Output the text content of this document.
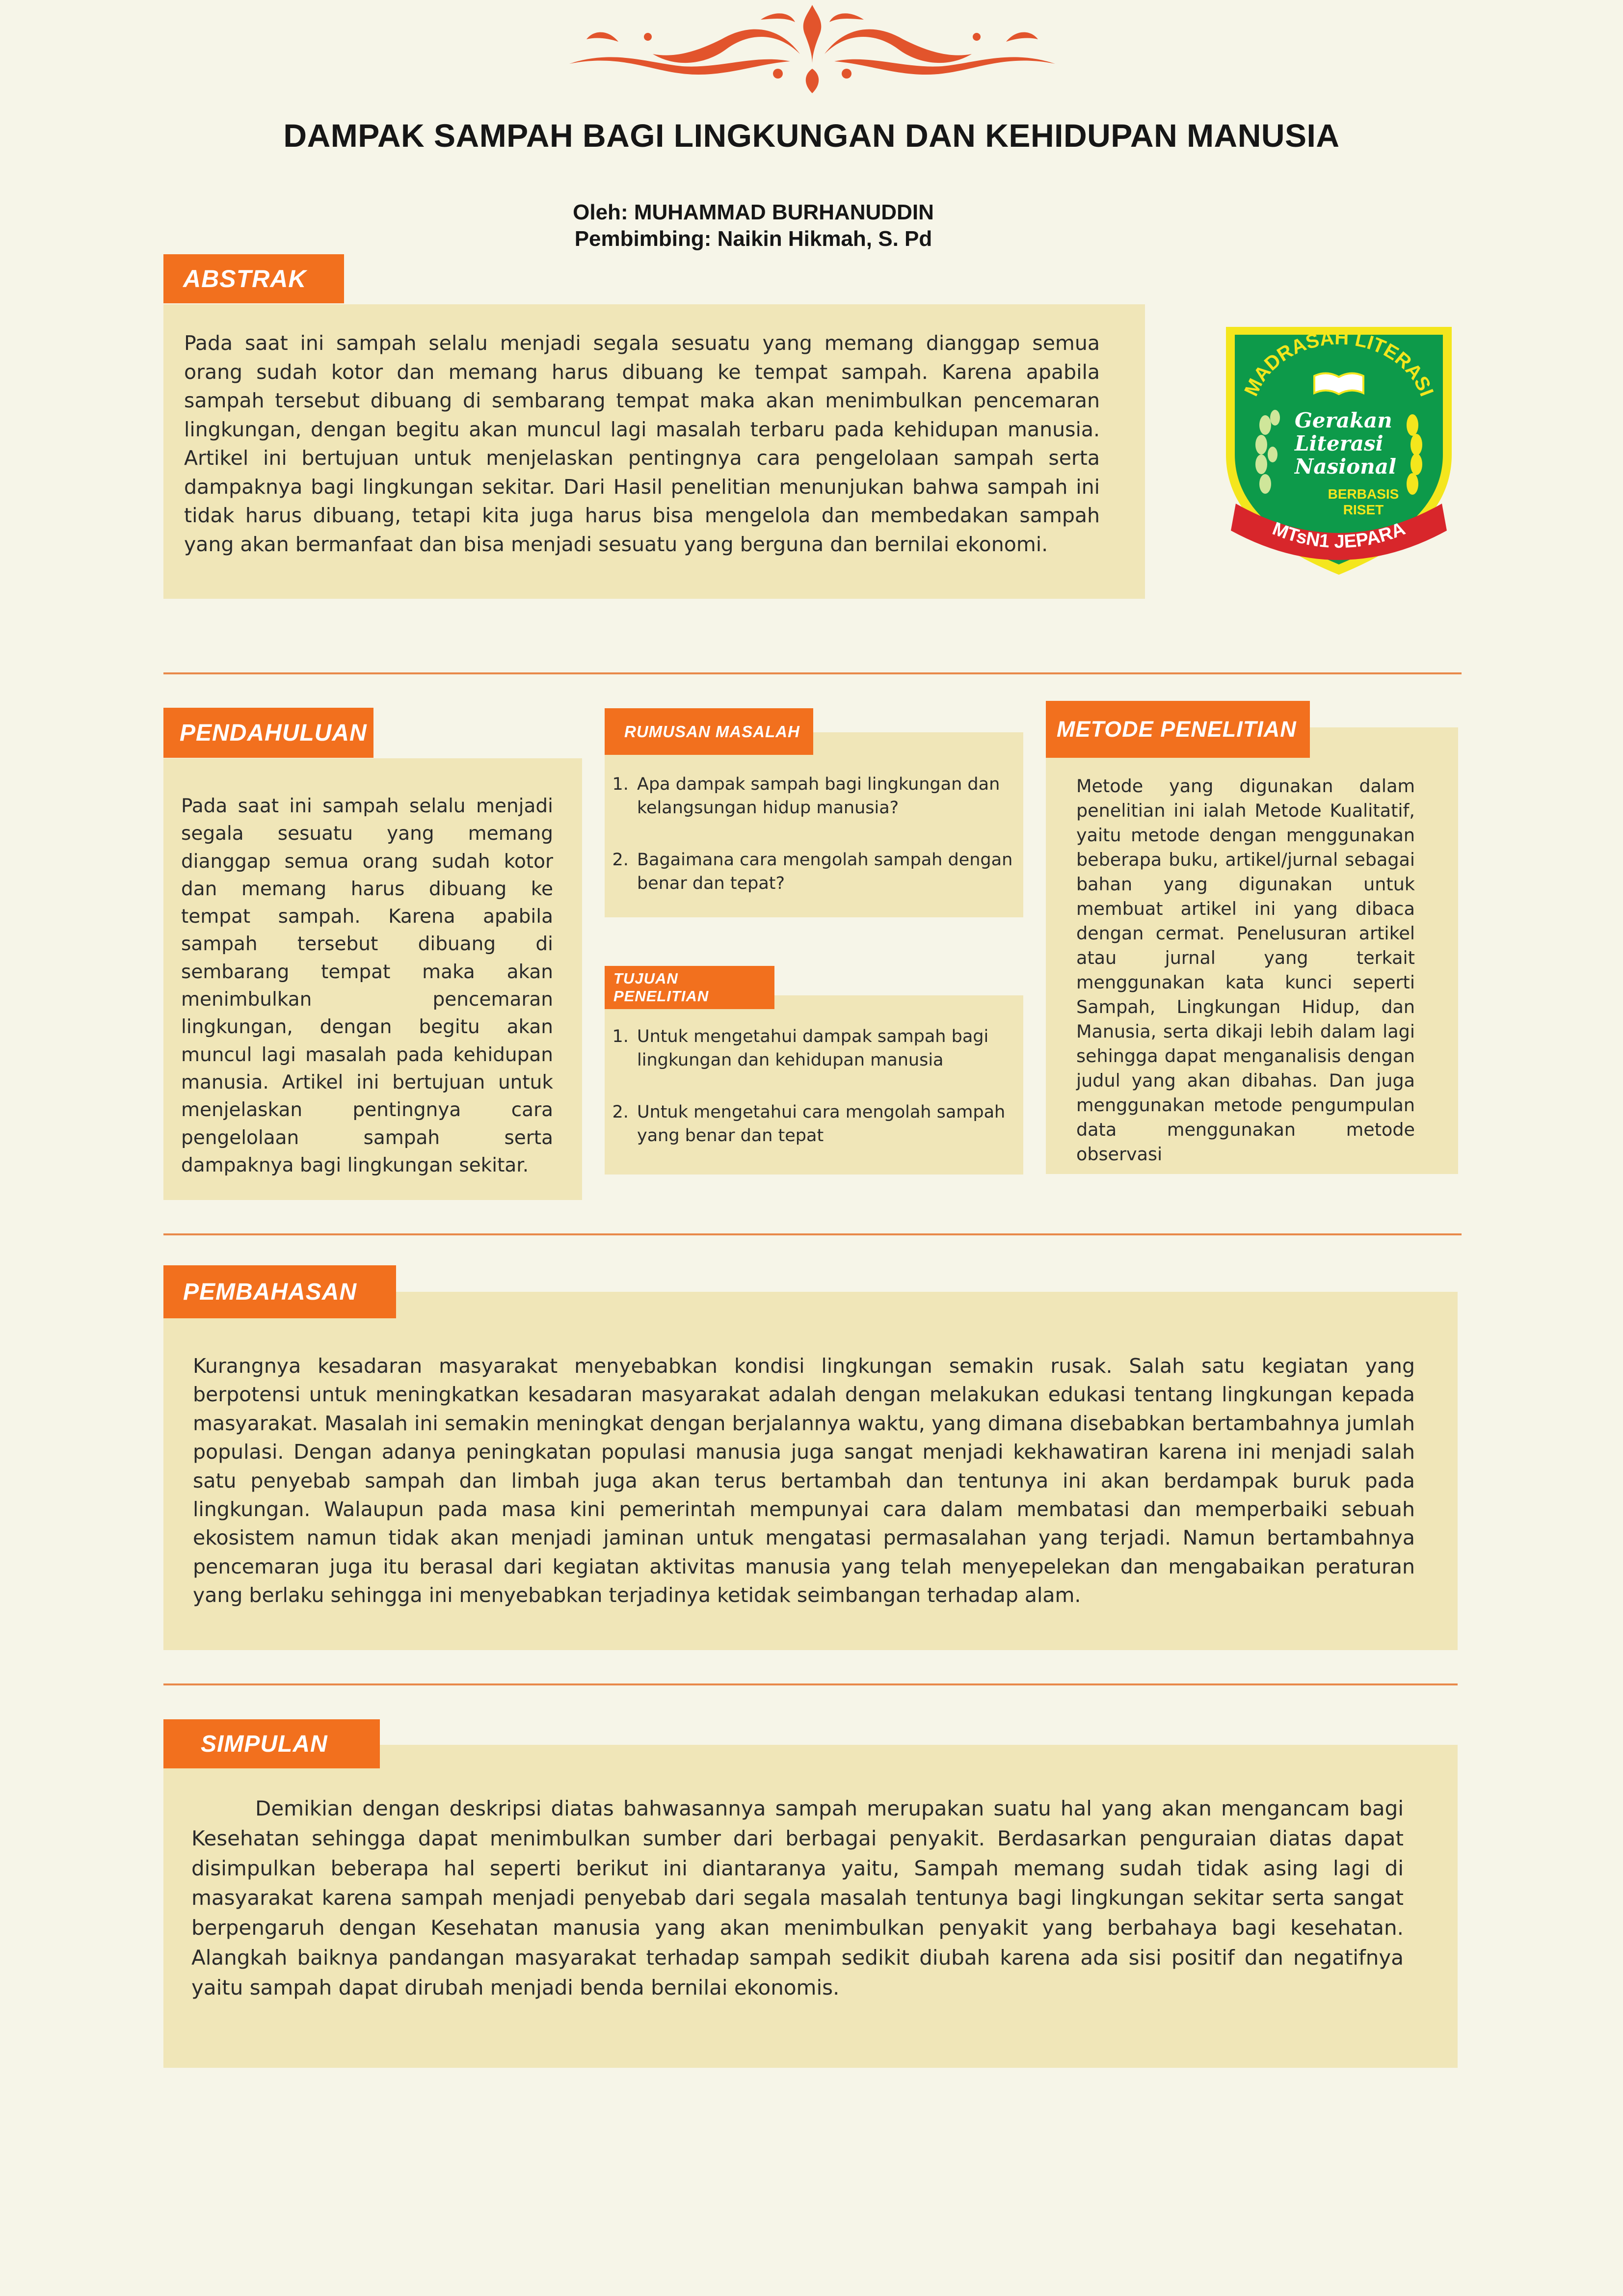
DAMPAK SAMPAH BAGI LINGKUNGAN DAN KEHIDUPAN MANUSIA
Oleh: MUHAMMAD BURHANUDDIN
Pembimbing: Naikin Hikmah, S. Pd
ABSTRAK
Pada saat ini sampah selalu menjadi segala sesuatu yang memang dianggap semua orang sudah kotor dan memang harus dibuang ke tempat sampah. Karena apabila sampah tersebut dibuang di sembarang tempat maka akan menimbulkan pencemaran lingkungan, dengan begitu akan muncul lagi masalah terbaru pada kehidupan manusia. Artikel ini bertujuan untuk menjelaskan pentingnya cara pengelolaan sampah serta dampaknya bagi lingkungan sekitar. Dari Hasil penelitian menunjukan bahwa sampah ini tidak harus dibuang, tetapi kita juga harus bisa mengelola dan membedakan sampah yang akan bermanfaat dan bisa menjadi sesuatu yang berguna dan bernilai ekonomi.
MADRASAH LITERASI
Gerakan
Literasi
Nasional
BERBASIS
RISET
MTsN1 JEPARA
PENDAHULUAN
Pada saat ini sampah selalu menjadi segala sesuatu yang memang dianggap semua orang sudah kotor dan memang harus dibuang ke tempat sampah. Karena apabila sampah tersebut dibuang di sembarang tempat maka akan menimbulkan pencemaran lingkungan, dengan begitu akan muncul lagi masalah pada kehidupan manusia. Artikel ini bertujuan untuk menjelaskan pentingnya cara pengelolaan sampah serta dampaknya bagi lingkungan sekitar.
RUMUSAN MASALAH
1. Apa dampak sampah bagi lingkungan dan kelangsungan hidup manusia?
2. Bagaimana cara mengolah sampah dengan benar dan tepat?
TUJUAN PENELITIAN
1. Untuk mengetahui dampak sampah bagi lingkungan dan kehidupan manusia
2. Untuk mengetahui cara mengolah sampah yang benar dan tepat
METODE PENELITIAN
Metode yang digunakan dalam penelitian ini ialah Metode Kualitatif, yaitu metode dengan menggunakan beberapa buku, artikel/jurnal sebagai bahan yang digunakan untuk membuat artikel ini yang dibaca dengan cermat. Penelusuran artikel atau jurnal yang terkait menggunakan kata kunci seperti Sampah, Lingkungan Hidup, dan Manusia, serta dikaji lebih dalam lagi sehingga dapat menganalisis dengan judul yang akan dibahas. Dan juga menggunakan metode pengumpulan data menggunakan metode observasi
PEMBAHASAN
Kurangnya kesadaran masyarakat menyebabkan kondisi lingkungan semakin rusak. Salah satu kegiatan yang berpotensi untuk meningkatkan kesadaran masyarakat adalah dengan melakukan edukasi tentang lingkungan kepada masyarakat. Masalah ini semakin meningkat dengan berjalannya waktu, yang dimana disebabkan bertambahnya jumlah populasi. Dengan adanya peningkatan populasi manusia juga sangat menjadi kekhawatiran karena ini menjadi salah satu penyebab sampah dan limbah juga akan terus bertambah dan tentunya ini akan berdampak buruk pada lingkungan. Walaupun pada masa kini pemerintah mempunyai cara dalam membatasi dan memperbaiki sebuah ekosistem namun tidak akan menjadi jaminan untuk mengatasi permasalahan yang terjadi. Namun bertambahnya pencemaran juga itu berasal dari kegiatan aktivitas manusia yang telah menyepelekan dan mengabaikan peraturan yang berlaku sehingga ini menyebabkan terjadinya ketidak seimbangan terhadap alam.
SIMPULAN
Demikian dengan deskripsi diatas bahwasannya sampah merupakan suatu hal yang akan mengancam bagi Kesehatan sehingga dapat menimbulkan sumber dari berbagai penyakit. Berdasarkan penguraian diatas dapat disimpulkan beberapa hal seperti berikut ini diantaranya yaitu, Sampah memang sudah tidak asing lagi di masyarakat karena sampah menjadi penyebab dari segala masalah tentunya bagi lingkungan sekitar serta sangat berpengaruh dengan Kesehatan manusia yang akan menimbulkan penyakit yang berbahaya bagi kesehatan. Alangkah baiknya pandangan masyarakat terhadap sampah sedikit diubah karena ada sisi positif dan negatifnya yaitu sampah dapat dirubah menjadi benda bernilai ekonomis.
